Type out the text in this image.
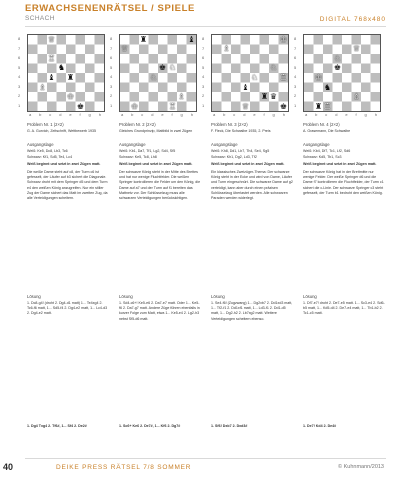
ERWACHSENENRÄTSEL / SPIELE
SCHACH	DIGITAL 768x480
♔
♕
♗
♖
♚
♞
♜
♝
8
7
6
5
4
3
2
1
a b c d e f g h
Problem Nr. 1 (2×2)
G. A. Gurvich, Zeitschrift, Wettbewerb 1935
Ausgangslage
Weiß: Ke5, Dc8, Lb3, Tc6
Schwarz: Kf1, Sd5, Te4, Lc4
Weiß beginnt und setzt in zwei Zügen matt.
Die weiße Dame steht auf c8, der Turm c6 ist gefesselt, der Läufer auf b3 sichert die Diagonale. Schwarz droht mit dem Springer d5 und dem Turm e4 den weißen König anzugreifen. Nur ein stiller Zug der Dame sichert das Matt im zweiten Zug, da alle Verteidigungen scheitern.
Lösung
1. Dc8-g4! (droht 2. Dg4-d1 matt) 1... Te4xg4 2. Tc6-f6 matt, 1... Sd5-f4 2. Dg4-e2 matt, 1... Lc4-d3 2. Dg4-e2 matt.
1. Dg4 Txg4 2. Tf6#, 1... Sf4 2. De2#
♔
♕
♖
♗
♘
♘
♚
♜	♝
8
7
6
5
4
3
2
1
a b c d e f g h
Problem Nr. 2 (2×2)
Gleiches Grundprinzip, Mattbild in zwei Zügen
Ausgangslage
Weiß: Kb1, Da7, Tf1, Lg2, Sd4, Sf5
Schwarz: Ke5, Tc8, Lh8
Weiß beginnt und setzt in zwei Zügen matt.
Der schwarze König steht in der Mitte des Brettes und hat nur wenige Fluchtfelder. Die weißen Springer kontrollieren die Felder um den König, die Dame auf a7 und der Turm auf f1 bereiten das Mattnetz vor. Der Schlüsselzug muss alle schwarzen Verteidigungen berücksichtigen.
Lösung
1. Sd4-c6+! Ke5-e6 2. Da7-e7 matt. Oder 1... Ke5-f6 2. Da7-g7 matt. Andere Züge führen ebenfalls in kurzer Folge zum Matt, etwa 1... Ke5-e4 2. Lg2-h3 nebst Sf5-d6 matt.
1. Sc6+ Ke6 2. De7#, 1... Kf6 2. Dg7#
♔
♕
♗
♖
♘
♘
♚
♛
♝
♜
8
7
6
5
4
3
2
1
a b c d e f g h
Problem Nr. 3 (2×2)
F. Fleck, Die Schwalbe 1935, 2. Preis
Ausgangslage
Weiß: Kh8, Dd1, Lb7, Th4, Se4, Sg5
Schwarz: Kh1, Dg2, Ld3, Tf2
Weiß beginnt und setzt in zwei Zügen matt.
Ein klassisches Zweizüger-Thema: Der schwarze König steht in der Ecke und wird von Dame, Läufer und Turm eingeschnürt. Die schwarze Dame auf g2 verteidigt, kann aber durch einen präzisen Schlüsselzug überlastet werden. Alle schwarzen Paraden werden widerlegt.
Lösung
1. Se4-f6! (Zugzwang) 1... Dg2xb7 2. Dd1xd3 matt, 1... Tf2-f1 2. Dd1xf1 matt, 1... Ld3-f1 2. Dd1-d5 matt, 1... Dg2-h2 2. Lb7xg2 matt. Weitere Verteidigungen scheitern ebenso.
1. Sf6! Dxb7 2. Dxd3#
♔
♕
♖
♗
♘
♚
♜
♞
8
7
6
5
4
3
2
1
a b c d e f g h
Problem Nr. 4 (2×2)
A. Grasemann, Die Schwalbe
Ausgangslage
Weiß: Kb4, Df7, Tc1, Lf2, Sd6
Schwarz: Kd5, Tb1, Sc3
Weiß beginnt und setzt in zwei Zügen matt.
Der schwarze König hat in der Brettmitte nur wenige Felder. Der weiße Springer d6 und die Dame f7 kontrollieren die Fluchtfelder, der Turm c1 sichert die c-Linie. Der schwarze Springer c3 steht gefesselt, der Turm b1 bedroht den weißen König.
Lösung
1. Df7-e7! droht 2. De7-e5 matt. 1... Sc3-e4 2. Sd6-b5 matt, 1... Kd5-d4 2. De7-e4 matt, 1... Tb1-b2 2. Tc1-c5 matt.
1. De7! Kd4 2. De4#
40	DEIKE PRESS RÄTSEL 7/8 SOMMER	© Kuhnmann/2013
